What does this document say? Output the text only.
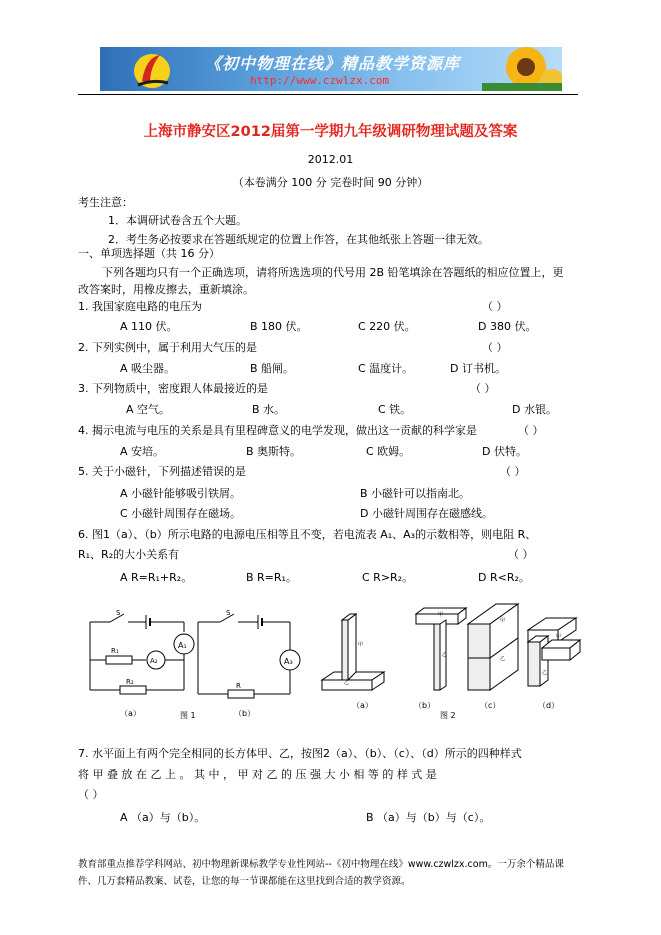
《初中物理在线》精品教学资源库
http://www.czwlzx.com
上海市静安区2012届第一学期九年级调研物理试题及答案
2012.01
（本卷满分 100 分 完卷时间 90 分钟）
考生注意：
1．本调研试卷含五个大题。
2．考生务必按要求在答题纸规定的位置上作答，在其他纸张上答题一律无效。
一、单项选择题（共 16 分）
下列各题均只有一个正确选项，请将所选选项的代号用 2B 铅笔填涂在答题纸的相应位置上，更
改答案时，用橡皮擦去，重新填涂。
1. 我国家庭电路的电压为	（ ）
A 110 伏。	B 180 伏。	C 220 伏。	D 380 伏。
2. 下列实例中，属于利用大气压的是	（ ）
A 吸尘器。	B 船闸。	C 温度计。	D 订书机。
3. 下列物质中，密度跟人体最接近的是	（ ）
A 空气。	B 水。	C 铁。	D 水银。
4. 揭示电流与电压的关系是具有里程碑意义的电学发现，做出这一贡献的科学家是	（ ）
A 安培。	B 奥斯特。	C 欧姆。	D 伏特。
5. 关于小磁针，下列描述错误的是	（ ）
A 小磁针能够吸引铁屑。	B 小磁针可以指南北。
C 小磁针周围存在磁场。	D 小磁针周围存在磁感线。
6. 图1（a）、（b）所示电路的电源电压相等且不变，若电流表 A₁、A₃的示数相等，则电阻 R、
R₁、R₂的大小关系有	（ ）
A R=R₁+R₂。	B R=R₁。	C R>R₂。	D R<R₂。
S
A₁
A₂
R₁
R₂
（a）	图 1
S
A₃
R
（b）
甲
乙
甲
乙
甲
乙
甲
乙
（a）	（b）	（c）	（d）
图 2
7. 水平面上有两个完全相同的长方体甲、乙，按图2（a）、（b）、（c）、（d）所示的四种样式
将 甲 叠 放 在 乙 上 。 其 中 ， 甲 对 乙 的 压 强 大 小 相 等 的 样 式 是
（ ）
A （a）与（b）。	B （a）与（b）与（c）。
教育部重点推荐学科网站、初中物理新课标教学专业性网站--《初中物理在线》www.czwlzx.com。一万余个精品课
件、几万套精品教案、试卷，让您的每一节课都能在这里找到合适的教学资源。
